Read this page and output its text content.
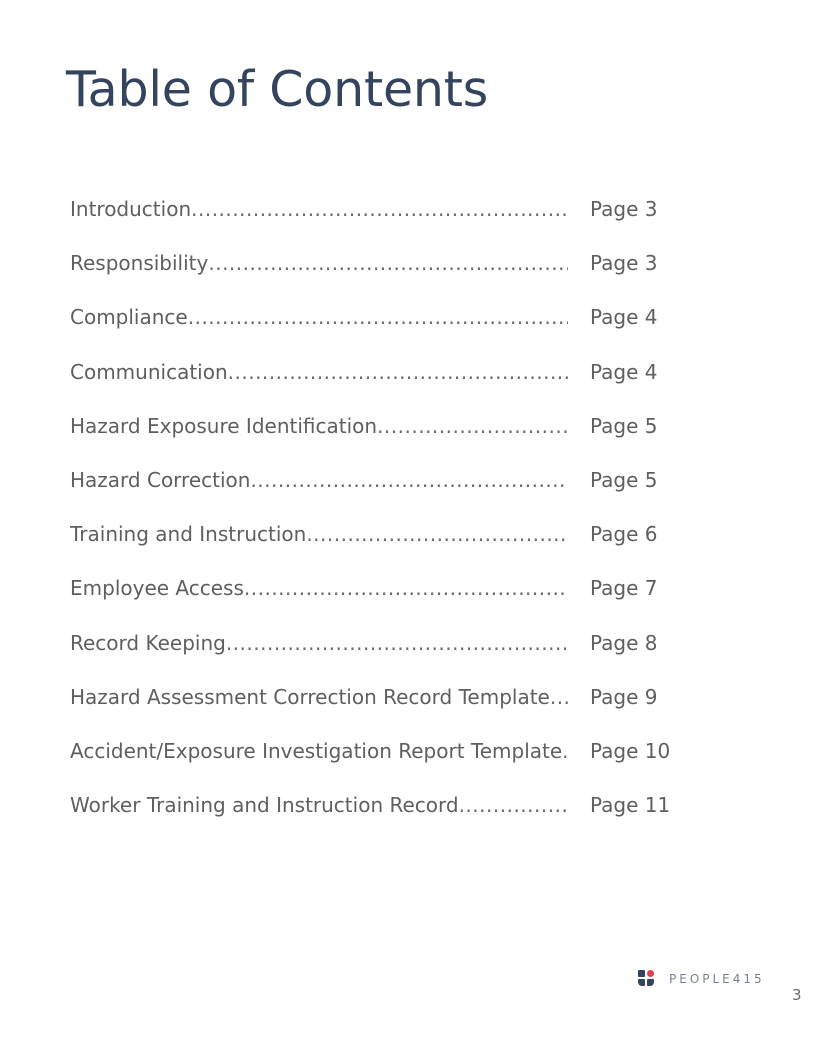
Table of Contents
Introduction .....	Page 3
Responsibility .....	Page 3
Compliance .....	Page 4
Communication .....	Page 4
Hazard Exposure Identification .....	Page 5
Hazard Correction .....	Page 5
Training and Instruction .....	Page 6
Employee Access .....	Page 7
Record Keeping .....	Page 8
Hazard Assessment Correction Record Template ..... Page 9
Accident/Exposure Investigation Report Template ..... Page 10
Worker Training and Instruction Record .....	Page 11
PEOPLE415
3
